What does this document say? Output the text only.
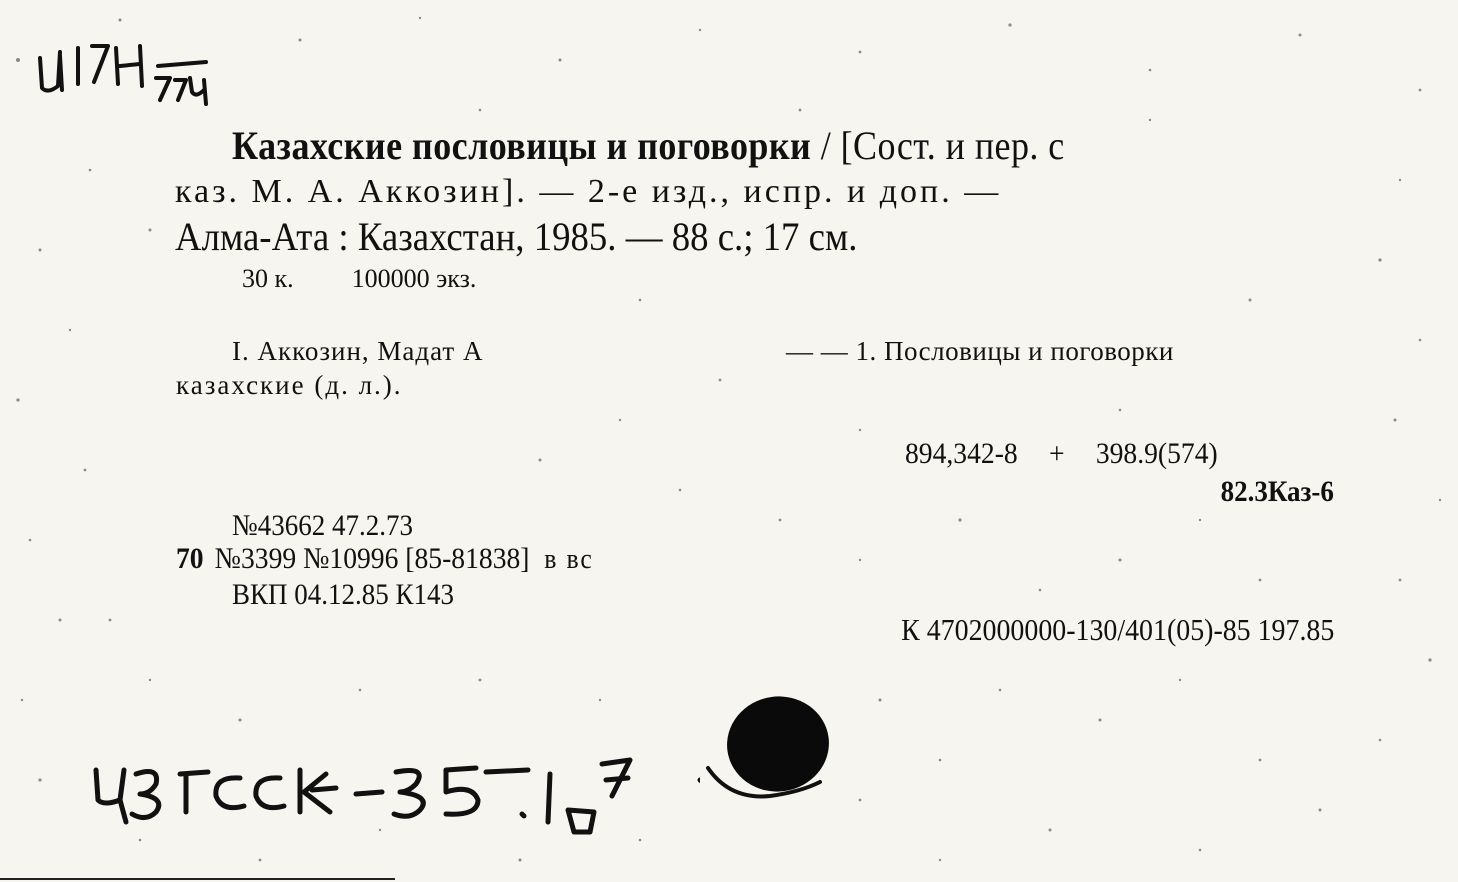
Казахские пословицы и поговорки / [Сост. и пер. с
каз. М. А. Аккозин]. — 2-е изд., испр. и доп. —
Алма-Ата : Казахстан, 1985. — 88 с.; 17 см.
30 к. 100000 экз.
I. Аккозин, Мадат А	— — 1. Пословицы и поговорки
казахские (д. л.).
894,342-8 + 398.9(574)
82.3Каз-6
№43662 47.2.73
70 №3399 №10996 [85-81838] в вс
ВКП 04.12.85 К143
К 4702000000-130/401(05)-85 197.85
